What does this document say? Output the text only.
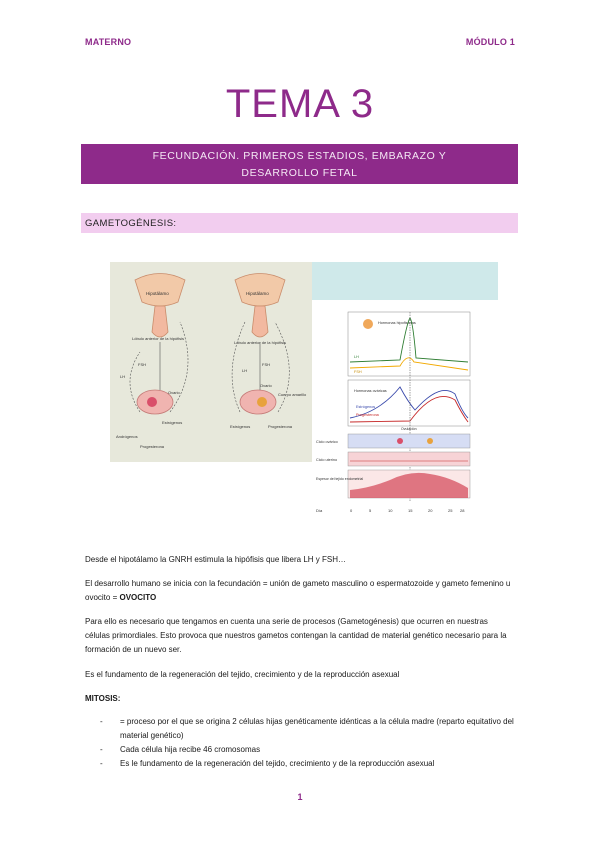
MATERNO	MÓDULO 1
TEMA 3
FECUNDACIÓN. PRIMEROS ESTADIOS, EMBARAZO Y
DESARROLLO FETAL
GAMETOGÉNESIS:
Hipotálamo
Lóbulo anterior de la hipófisis
FSH
LH
Ovario
Andrógenos
Estrógenos
Progesterona
Hipotálamo
Lóbulo anterior de la hipófisis
FSH
LH
Ovario
Cuerpo amarillo
Estrógenos	Progesterona
Hormonas hipofisarias
LH
FSH
Hormonas ováricas
Estrógenos
Progesterona
Ovulación
Ciclo ovárico
Ciclo uterino
Espesor del tejido endometrial
Día	0	5	10	15	20	25 28
Desde el hipotálamo la GNRH estimula la hipófisis que libera LH y FSH…
El desarrollo humano se inicia con la fecundación = unión de gameto masculino o espermatozoide y gameto femenino u ovocito = OVOCITO
Para ello es necesario que tengamos en cuenta una serie de procesos (Gametogénesis) que ocurren en nuestras células primordiales. Esto provoca que nuestros gametos contengan la cantidad de material genético necesario para la formación de un nuevo ser.
Es el fundamento de la regeneración del tejido, crecimiento y de la reproducción asexual
MITOSIS:
-	= proceso por el que se origina 2 células hijas genéticamente idénticas a la célula madre (reparto equitativo del material genético)
-	Cada célula hija recibe 46 cromosomas
-	Es le fundamento de la regeneración del tejido, crecimiento y de la reproducción asexual
1
